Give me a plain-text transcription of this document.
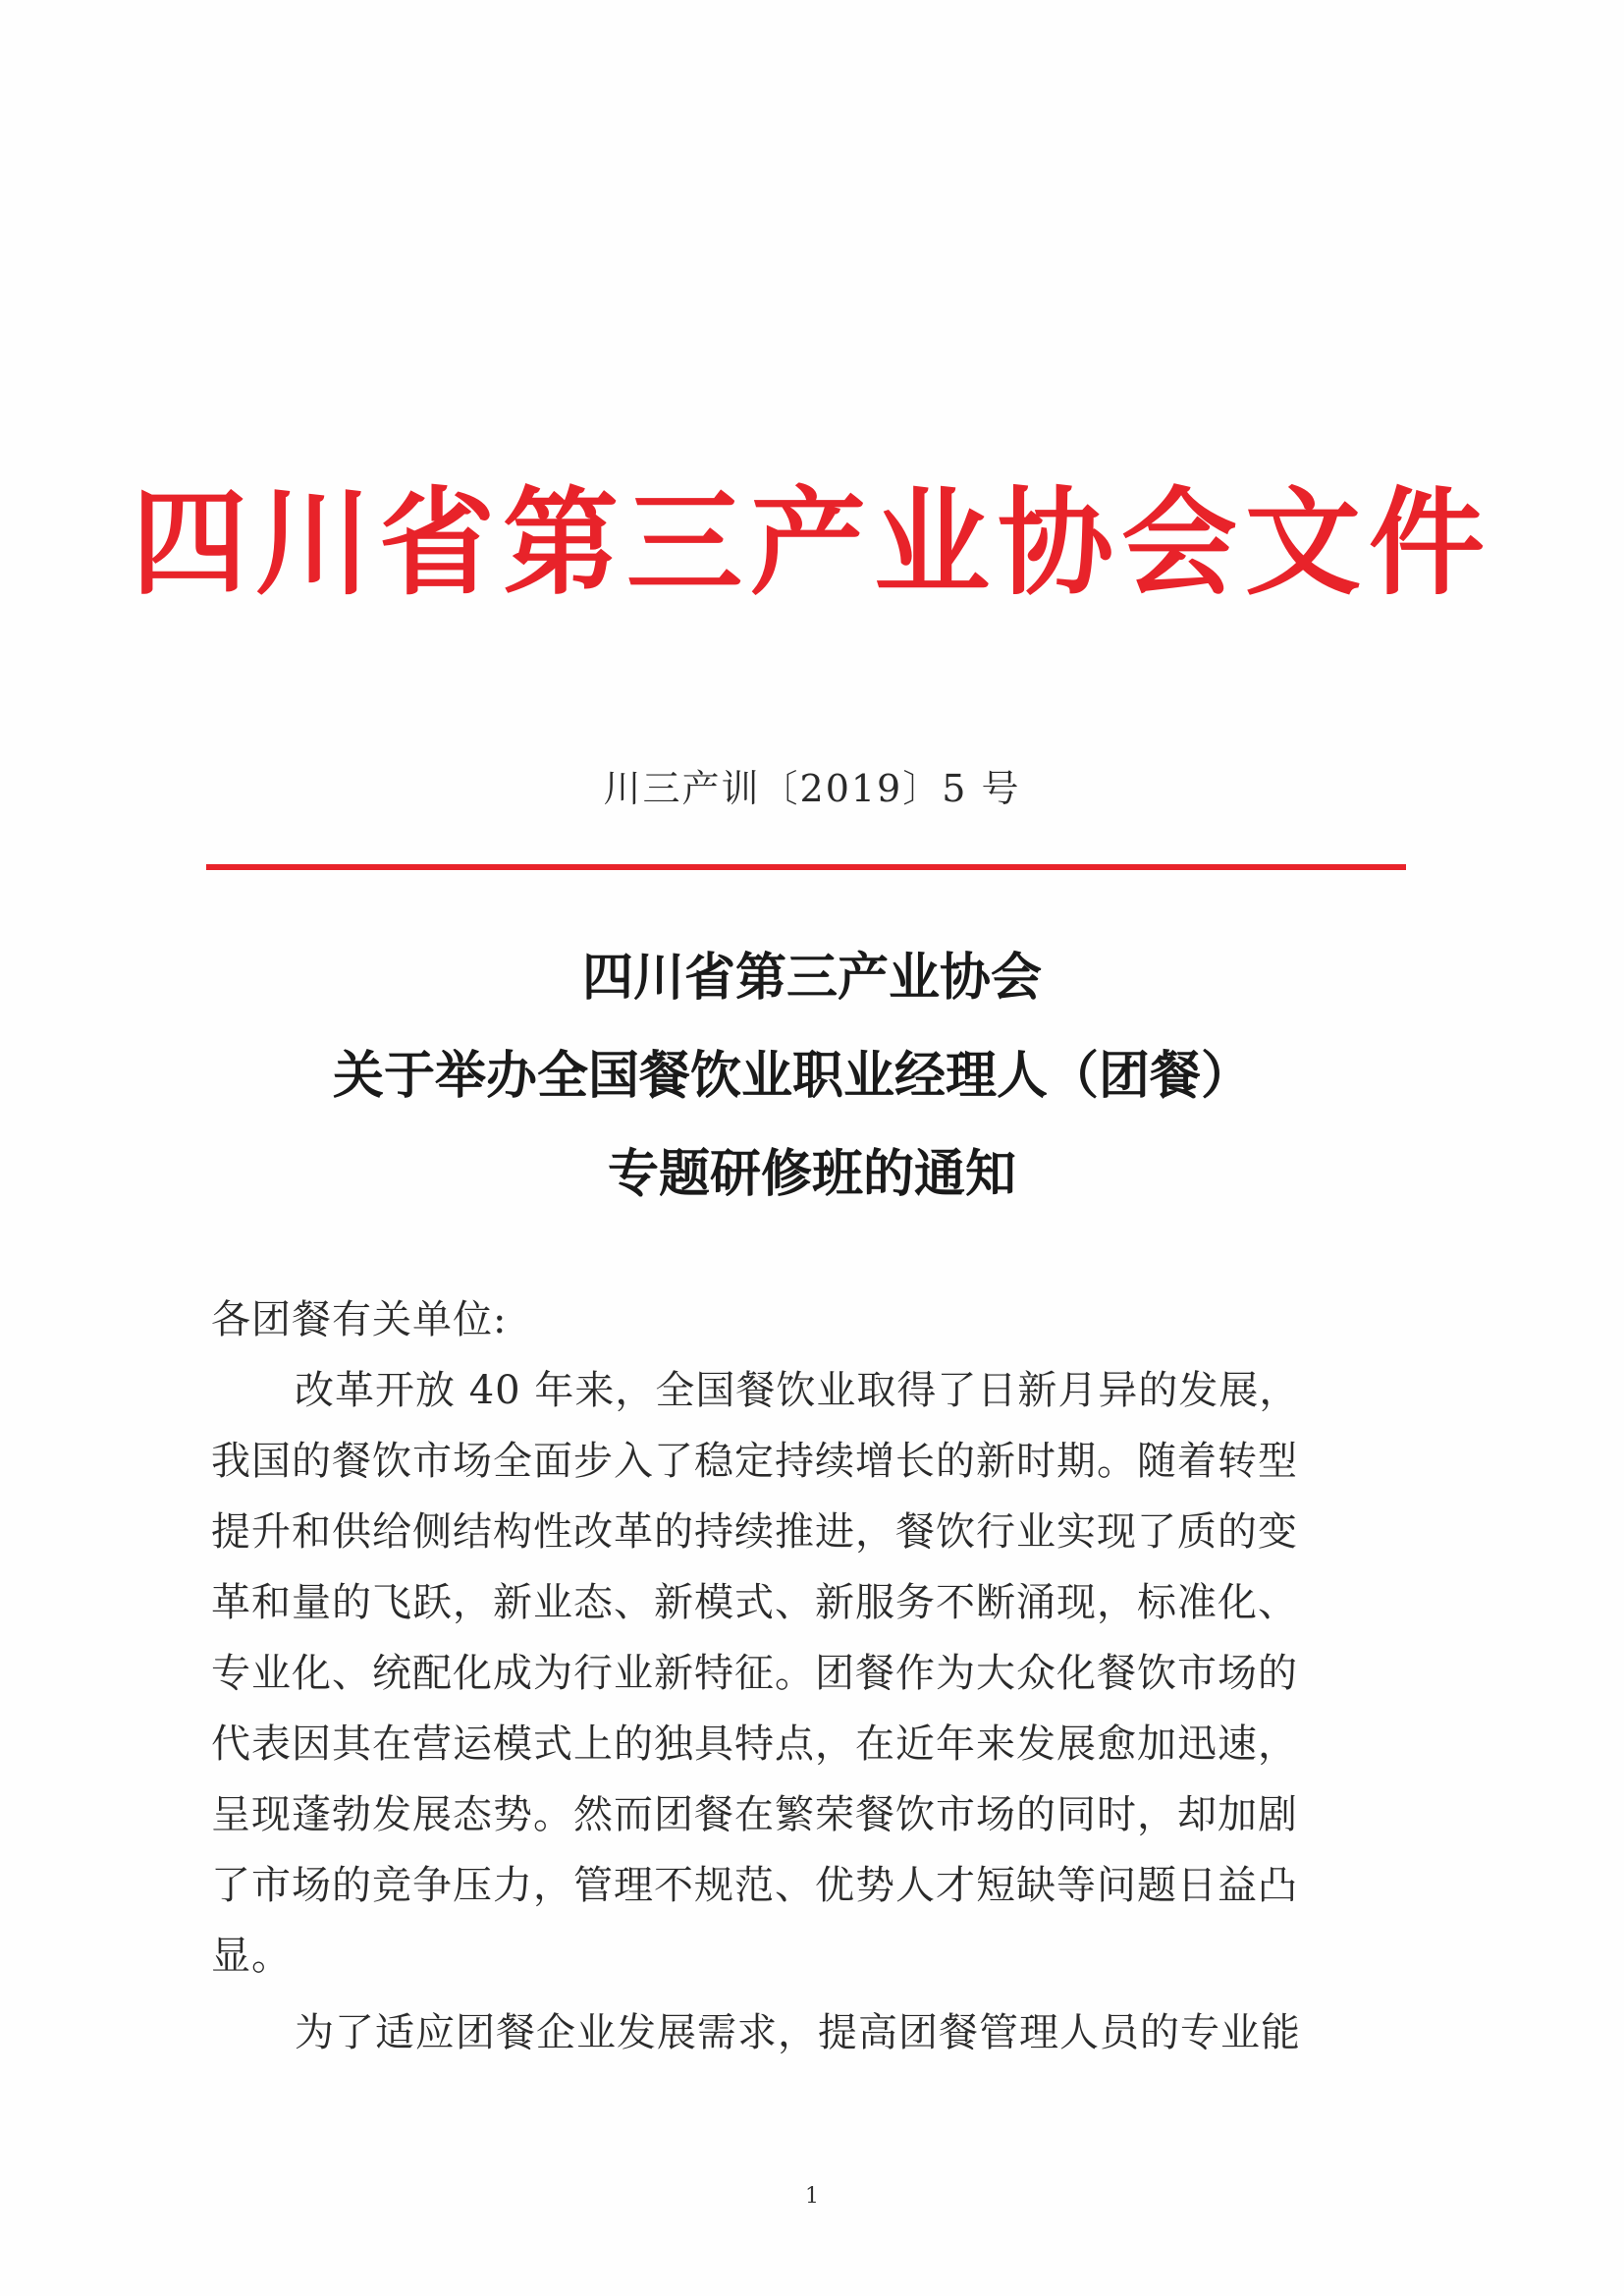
四川省第三产业协会文件
川三产训〔2019〕5 号
四川省第三产业协会
关于举办全国餐饮业职业经理人（团餐）
专题研修班的通知
各团餐有关单位:
改革开放 40 年来，全国餐饮业取得了日新月异的发展，
我国的餐饮市场全面步入了稳定持续增长的新时期。随着转型
提升和供给侧结构性改革的持续推进，餐饮行业实现了质的变
革和量的飞跃，新业态、新模式、新服务不断涌现，标准化、
专业化、统配化成为行业新特征。团餐作为大众化餐饮市场的
代表因其在营运模式上的独具特点，在近年来发展愈加迅速，
呈现蓬勃发展态势。然而团餐在繁荣餐饮市场的同时，却加剧
了市场的竞争压力，管理不规范、优势人才短缺等问题日益凸
显。
为了适应团餐企业发展需求，提高团餐管理人员的专业能
1
